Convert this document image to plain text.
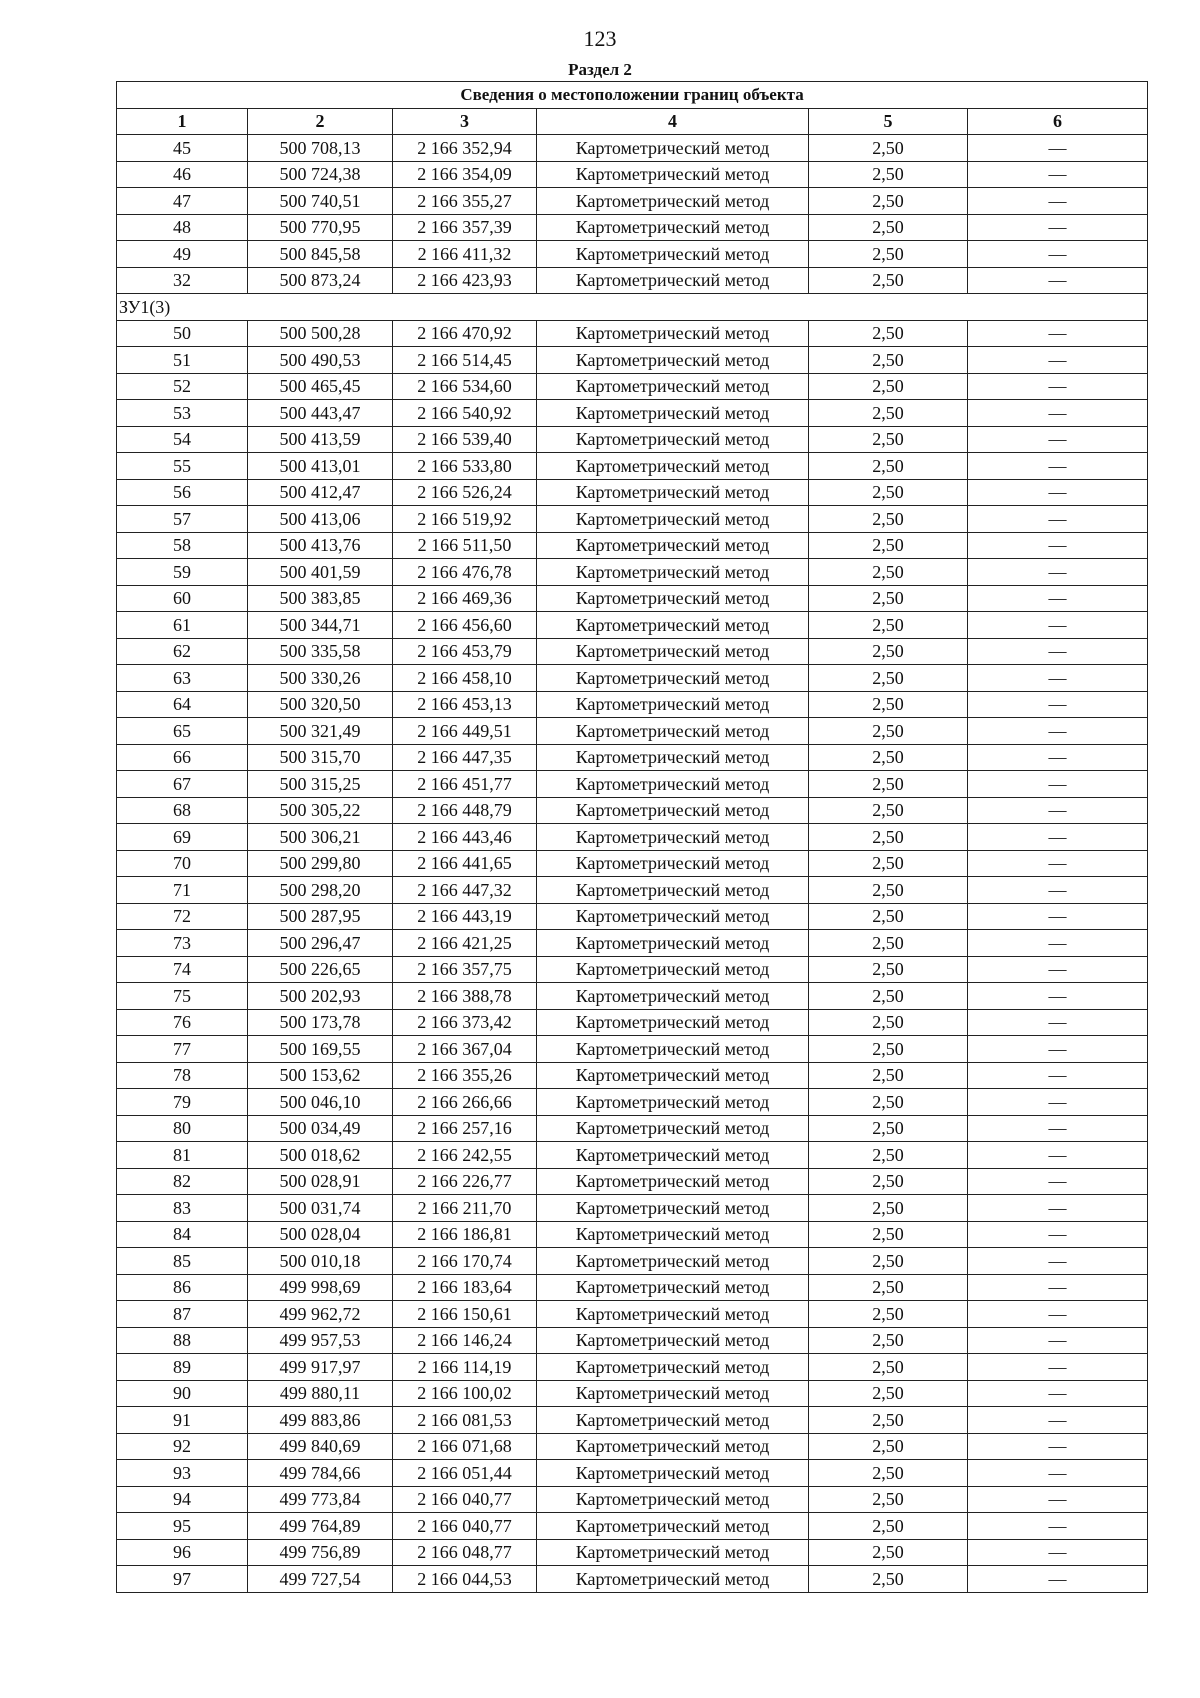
123
Раздел 2
Сведения о местоположении границ объекта					
1	2	3	4	5	6
45	500 708,13	2 166 352,94	Картометрический метод	2,50	—
46	500 724,38	2 166 354,09	Картометрический метод	2,50	—
47	500 740,51	2 166 355,27	Картометрический метод	2,50	—
48	500 770,95	2 166 357,39	Картометрический метод	2,50	—
49	500 845,58	2 166 411,32	Картометрический метод	2,50	—
32	500 873,24	2 166 423,93	Картометрический метод	2,50	—
ЗУ1(3)					
50	500 500,28	2 166 470,92	Картометрический метод	2,50	—
51	500 490,53	2 166 514,45	Картометрический метод	2,50	—
52	500 465,45	2 166 534,60	Картометрический метод	2,50	—
53	500 443,47	2 166 540,92	Картометрический метод	2,50	—
54	500 413,59	2 166 539,40	Картометрический метод	2,50	—
55	500 413,01	2 166 533,80	Картометрический метод	2,50	—
56	500 412,47	2 166 526,24	Картометрический метод	2,50	—
57	500 413,06	2 166 519,92	Картометрический метод	2,50	—
58	500 413,76	2 166 511,50	Картометрический метод	2,50	—
59	500 401,59	2 166 476,78	Картометрический метод	2,50	—
60	500 383,85	2 166 469,36	Картометрический метод	2,50	—
61	500 344,71	2 166 456,60	Картометрический метод	2,50	—
62	500 335,58	2 166 453,79	Картометрический метод	2,50	—
63	500 330,26	2 166 458,10	Картометрический метод	2,50	—
64	500 320,50	2 166 453,13	Картометрический метод	2,50	—
65	500 321,49	2 166 449,51	Картометрический метод	2,50	—
66	500 315,70	2 166 447,35	Картометрический метод	2,50	—
67	500 315,25	2 166 451,77	Картометрический метод	2,50	—
68	500 305,22	2 166 448,79	Картометрический метод	2,50	—
69	500 306,21	2 166 443,46	Картометрический метод	2,50	—
70	500 299,80	2 166 441,65	Картометрический метод	2,50	—
71	500 298,20	2 166 447,32	Картометрический метод	2,50	—
72	500 287,95	2 166 443,19	Картометрический метод	2,50	—
73	500 296,47	2 166 421,25	Картометрический метод	2,50	—
74	500 226,65	2 166 357,75	Картометрический метод	2,50	—
75	500 202,93	2 166 388,78	Картометрический метод	2,50	—
76	500 173,78	2 166 373,42	Картометрический метод	2,50	—
77	500 169,55	2 166 367,04	Картометрический метод	2,50	—
78	500 153,62	2 166 355,26	Картометрический метод	2,50	—
79	500 046,10	2 166 266,66	Картометрический метод	2,50	—
80	500 034,49	2 166 257,16	Картометрический метод	2,50	—
81	500 018,62	2 166 242,55	Картометрический метод	2,50	—
82	500 028,91	2 166 226,77	Картометрический метод	2,50	—
83	500 031,74	2 166 211,70	Картометрический метод	2,50	—
84	500 028,04	2 166 186,81	Картометрический метод	2,50	—
85	500 010,18	2 166 170,74	Картометрический метод	2,50	—
86	499 998,69	2 166 183,64	Картометрический метод	2,50	—
87	499 962,72	2 166 150,61	Картометрический метод	2,50	—
88	499 957,53	2 166 146,24	Картометрический метод	2,50	—
89	499 917,97	2 166 114,19	Картометрический метод	2,50	—
90	499 880,11	2 166 100,02	Картометрический метод	2,50	—
91	499 883,86	2 166 081,53	Картометрический метод	2,50	—
92	499 840,69	2 166 071,68	Картометрический метод	2,50	—
93	499 784,66	2 166 051,44	Картометрический метод	2,50	—
94	499 773,84	2 166 040,77	Картометрический метод	2,50	—
95	499 764,89	2 166 040,77	Картометрический метод	2,50	—
96	499 756,89	2 166 048,77	Картометрический метод	2,50	—
97	499 727,54	2 166 044,53	Картометрический метод	2,50	—
